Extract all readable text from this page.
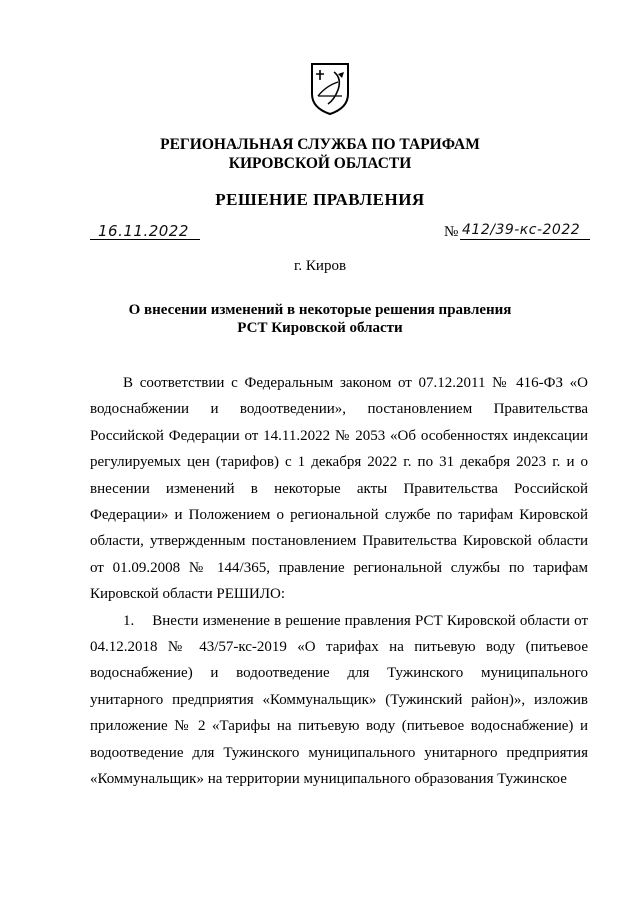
РЕГИОНАЛЬНАЯ СЛУЖБА ПО ТАРИФАМ
КИРОВСКОЙ ОБЛАСТИ
РЕШЕНИЕ ПРАВЛЕНИЯ
16.11.2022	№ 412/39-кс-2022
г. Киров
О внесении изменений в некоторые решения правления
РСТ Кировской области

В соответствии с Федеральным законом от 07.12.2011 № 416-ФЗ «О водоснабжении и водоотведении», постановлением Правительства Российской Федерации от 14.11.2022 № 2053 «Об особенностях индексации регулируемых цен (тарифов) с 1 декабря 2022 г. по 31 декабря 2023 г. и о внесении изменений в некоторые акты Правительства Российской Федерации» и Положением о региональной службе по тарифам Кировской области, утвержденным постановлением Правительства Кировской области от 01.09.2008 № 144/365, правление региональной службы по тарифам Кировской области РЕШИЛО:

1. Внести изменение в решение правления РСТ Кировской области от 04.12.2018 № 43/57-кс-2019 «О тарифах на питьевую воду (питьевое водоснабжение) и водоотведение для Тужинского муниципального унитарного предприятия «Коммунальщик» (Тужинский район)», изложив приложение № 2 «Тарифы на питьевую воду (питьевое водоснабжение) и водоотведение для Тужинского муниципального унитарного предприятия «Коммунальщик» на территории муниципального образования Тужинское
